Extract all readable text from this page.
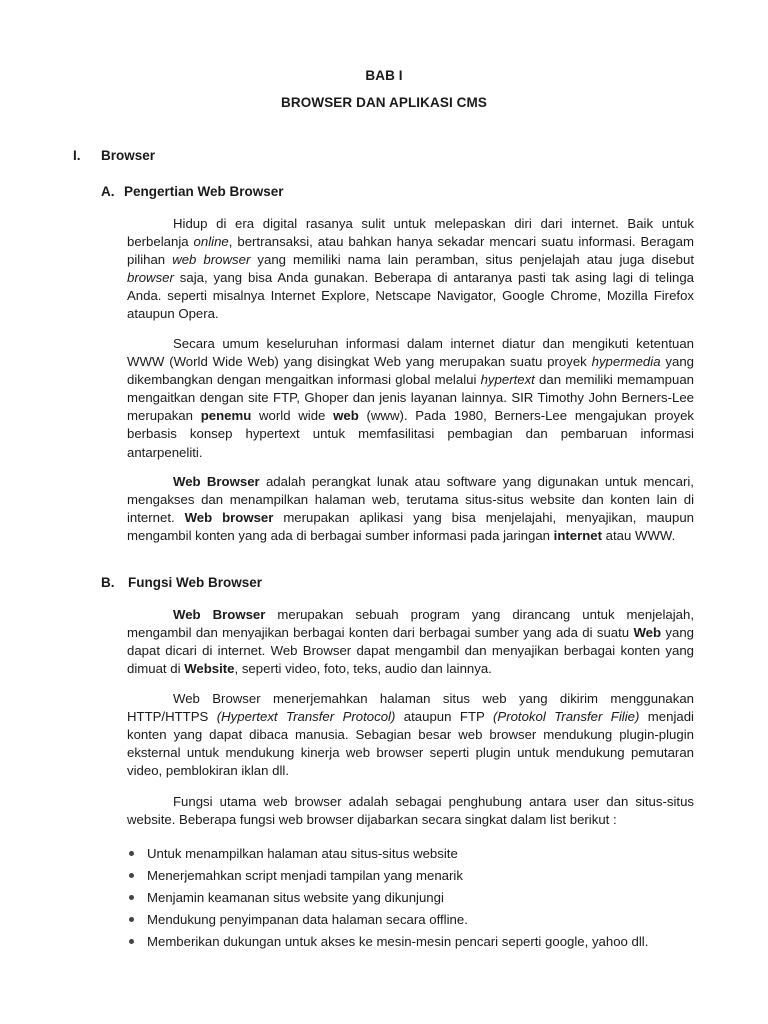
BAB I
BROWSER DAN APLIKASI CMS
I. Browser
A. Pengertian Web Browser

Hidup di era digital rasanya sulit untuk melepaskan diri dari internet. Baik untuk berbelanja online, bertransaksi, atau bahkan hanya sekadar mencari suatu informasi. Beragam pilihan web browser yang memiliki nama lain peramban, situs penjelajah atau juga disebut browser saja, yang bisa Anda gunakan. Beberapa di antaranya pasti tak asing lagi di telinga Anda. seperti misalnya Internet Explore, Netscape Navigator, Google Chrome, Mozilla Firefox ataupun Opera.

Secara umum keseluruhan informasi dalam internet diatur dan mengikuti ketentuan WWW (World Wide Web) yang disingkat Web yang merupakan suatu proyek hypermedia yang dikembangkan dengan mengaitkan informasi global melalui hypertext dan memiliki memampuan mengaitkan dengan site FTP, Ghoper dan jenis layanan lainnya. SIR Timothy John Berners-Lee merupakan penemu world wide web (www). Pada 1980, Berners-Lee mengajukan proyek berbasis konsep hypertext untuk memfasilitasi pembagian dan pembaruan informasi antarpeneliti.

Web Browser adalah perangkat lunak atau software yang digunakan untuk mencari, mengakses dan menampilkan halaman web, terutama situs-situs website dan konten lain di internet. Web browser merupakan aplikasi yang bisa menjelajahi, menyajikan, maupun mengambil konten yang ada di berbagai sumber informasi pada jaringan internet atau WWW.

B. Fungsi Web Browser

Web Browser merupakan sebuah program yang dirancang untuk menjelajah, mengambil dan menyajikan berbagai konten dari berbagai sumber yang ada di suatu Web yang dapat dicari di internet. Web Browser dapat mengambil dan menyajikan berbagai konten yang dimuat di Website, seperti video, foto, teks, audio dan lainnya.

Web Browser menerjemahkan halaman situs web yang dikirim menggunakan HTTP/HTTPS (Hypertext Transfer Protocol) ataupun FTP (Protokol Transfer Filie) menjadi konten yang dapat dibaca manusia. Sebagian besar web browser mendukung plugin-plugin eksternal untuk mendukung kinerja web browser seperti plugin untuk mendukung pemutaran video, pemblokiran iklan dll.

Fungsi utama web browser adalah sebagai penghubung antara user dan situs-situs website. Beberapa fungsi web browser dijabarkan secara singkat dalam list berikut :

Untuk menampilkan halaman atau situs-situs website
Menerjemahkan script menjadi tampilan yang menarik
Menjamin keamanan situs website yang dikunjungi
Mendukung penyimpanan data halaman secara offline.
Memberikan dukungan untuk akses ke mesin-mesin pencari seperti google, yahoo dll.
